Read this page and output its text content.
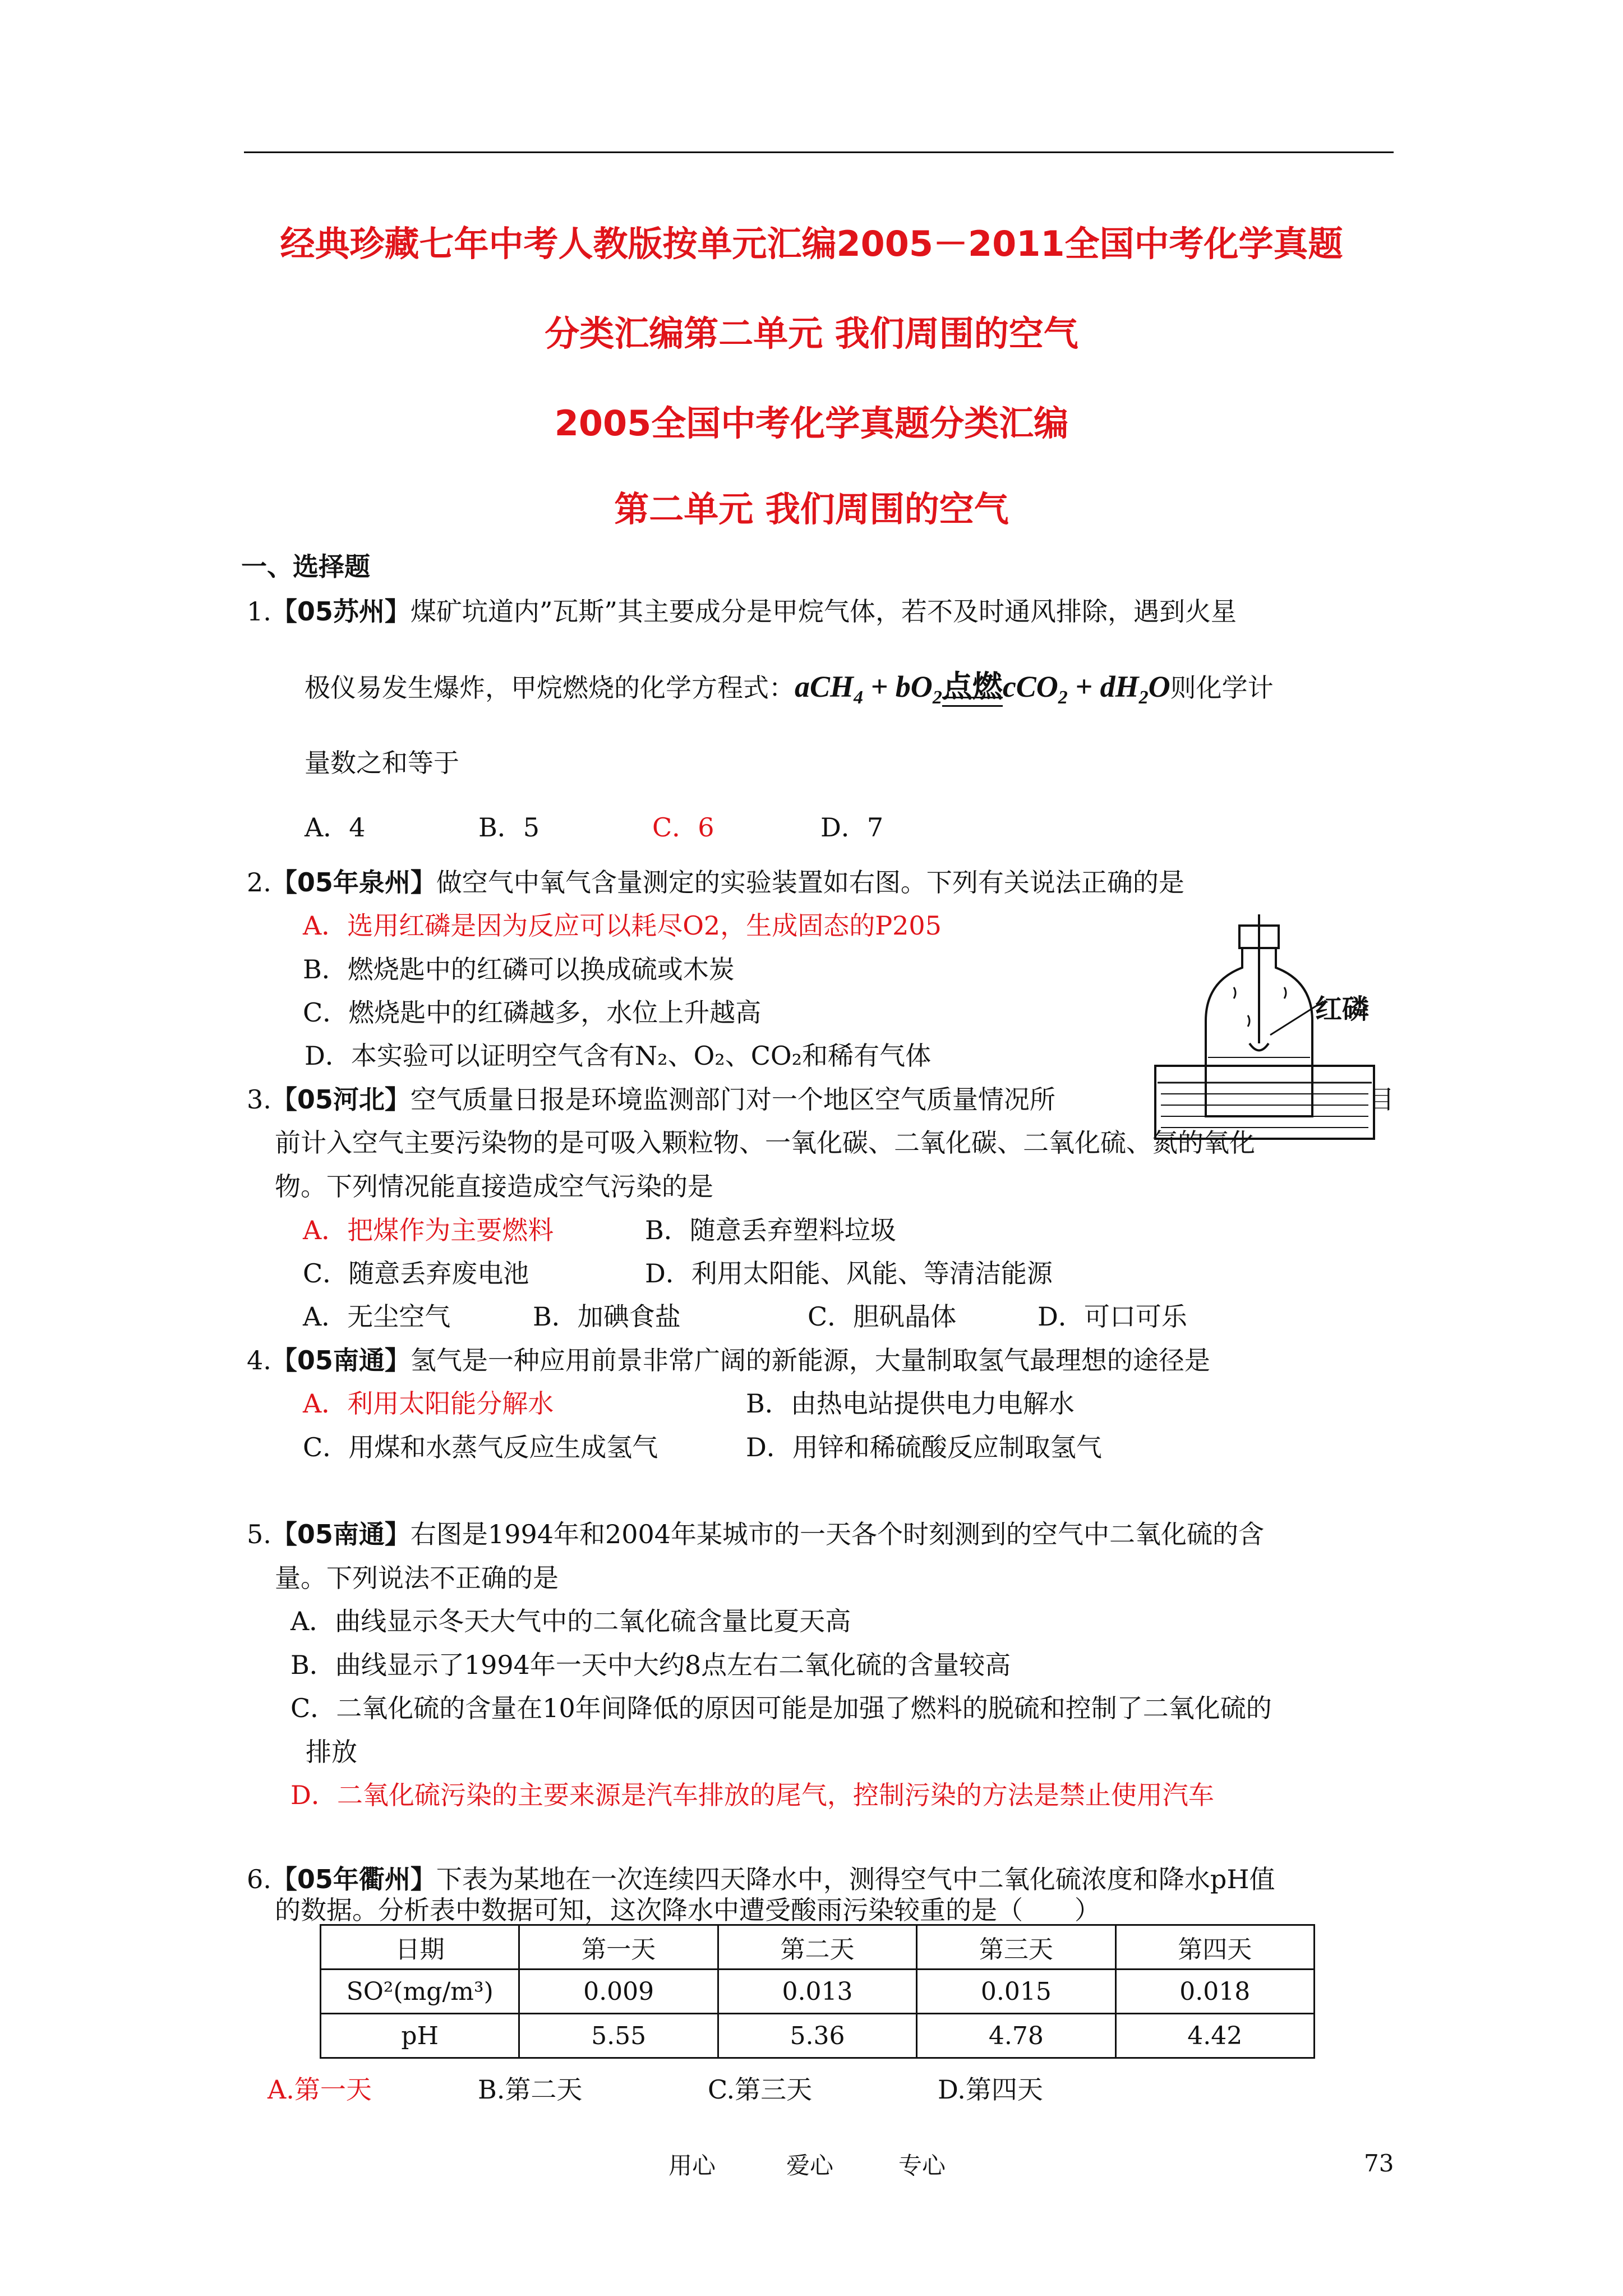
经典珍藏七年中考人教版按单元汇编2005－2011全国中考化学真题
分类汇编第二单元 我们周围的空气
2005全国中考化学真题分类汇编
第二单元 我们周围的空气
一、选择题
1.【05苏州】煤矿坑道内”瓦斯”其主要成分是甲烷气体，若不及时通风排除，遇到火星
极仪易发生爆炸，甲烷燃烧的化学方程式：$aCH_4 + bO_2$点燃$cCO_2 + dH_2O$则化学计
量数之和等于
A．4	B．5	C．6	D．7
2.【05年泉州】做空气中氧气含量测定的实验装置如右图。下列有关说法正确的是
A．选用红磷是因为反应可以耗尽O2，生成固态的P205
B．燃烧匙中的红磷可以换成硫或木炭
C．燃烧匙中的红磷越多，水位上升越高
D．本实验可以证明空气含有N₂、O₂、CO₂和稀有气体
红磷
3.【05河北】空气质量日报是环境监测部门对一个地区空气质量情况所	目
前计入空气主要污染物的是可吸入颗粒物、一氧化碳、二氧化碳、二氧化硫、氮的氧化
物。下列情况能直接造成空气污染的是
A．把煤作为主要燃料	B．随意丢弃塑料垃圾
C．随意丢弃废电池	D．利用太阳能、风能、等清洁能源
A．无尘空气	B．加碘食盐	C．胆矾晶体	D．可口可乐
4.【05南通】氢气是一种应用前景非常广阔的新能源，大量制取氢气最理想的途径是
A．利用太阳能分解水	B．由热电站提供电力电解水
C．用煤和水蒸气反应生成氢气	D．用锌和稀硫酸反应制取氢气
5.【05南通】右图是1994年和2004年某城市的一天各个时刻测到的空气中二氧化硫的含
量。下列说法不正确的是
A．曲线显示冬天大气中的二氧化硫含量比夏天高
B．曲线显示了1994年一天中大约8点左右二氧化硫的含量较高
C．二氧化硫的含量在10年间降低的原因可能是加强了燃料的脱硫和控制了二氧化硫的
排放
D．二氧化硫污染的主要来源是汽车排放的尾气，控制污染的方法是禁止使用汽车
6.【05年衢州】下表为某地在一次连续四天降水中，测得空气中二氧化硫浓度和降水pH值
的数据。分析表中数据可知，这次降水中遭受酸雨污染较重的是（　　）
日期	第一天	第二天	第三天	第四天
SO²(mg/m³)	0.009	0.013	0.015	0.018
pH	5.55	5.36	4.78	4.42
A.第一天	B.第二天	C.第三天	D.第四天
用心	爱心	专心	73
